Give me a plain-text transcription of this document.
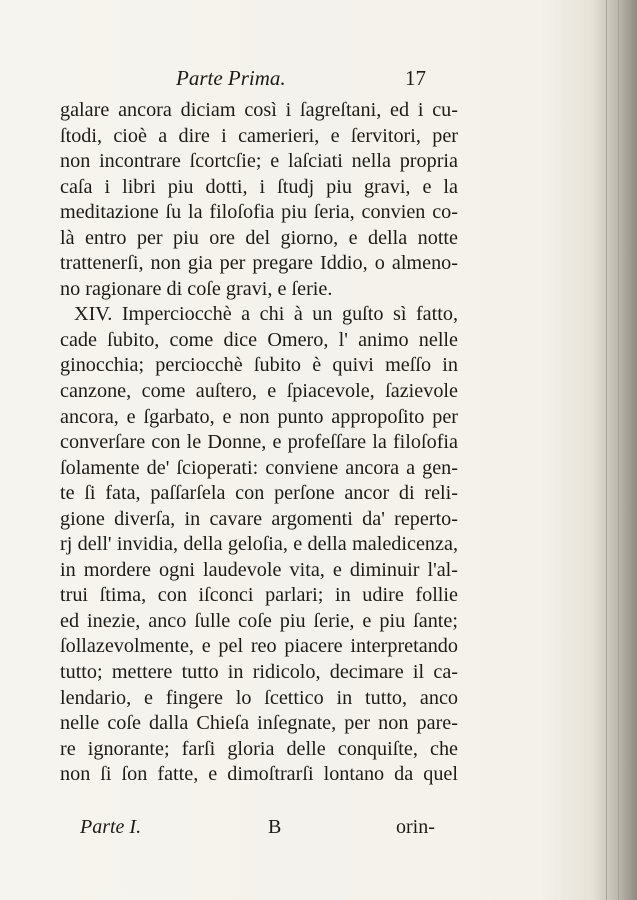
Parte Prima.	17
galare ancora diciam così i ſagreſtani, ed i cu-
ſtodi, cioè a dire i camerieri, e ſervitori, per
non incontrare ſcortcſie; e laſciati nella propria
caſa i libri piu dotti, i ſtudj piu gravi, e la
meditazione ſu la filoſofia piu ſeria, convien co-
là entro per piu ore del giorno, e della notte
trattenerſi, non gia per pregare Iddio, o almeno-
no ragionare di coſe gravi, e ſerie.
XIV. Imperciocchè a chi à un guſto sì fatto,
cade ſubito, come dice Omero, l' animo nelle
ginocchia; perciocchè ſubito è quivi meſſo in
canzone, come auſtero, e ſpiacevole, ſazievole
ancora, e ſgarbato, e non punto appropoſito per
converſare con le Donne, e profeſſare la filoſofia
ſolamente de' ſcioperati: conviene ancora a gen-
te ſi fata, paſſarſela con perſone ancor di reli-
gione diverſa, in cavare argomenti da' reperto-
rj dell' invidia, della geloſia, e della maledicenza,
in mordere ogni laudevole vita, e diminuir l'al-
trui ſtima, con iſconci parlari; in udire follie
ed inezie, anco ſulle coſe piu ſerie, e piu ſante;
ſollazevolmente, e pel reo piacere interpretando
tutto; mettere tutto in ridicolo, decimare il ca-
lendario, e fingere lo ſcettico in tutto, anco
nelle coſe dalla Chieſa inſegnate, per non pare-
re ignorante; farſi gloria delle conquiſte, che
non ſi ſon fatte, e dimoſtrarſi lontano da quel
Parte I.	B	orin-
